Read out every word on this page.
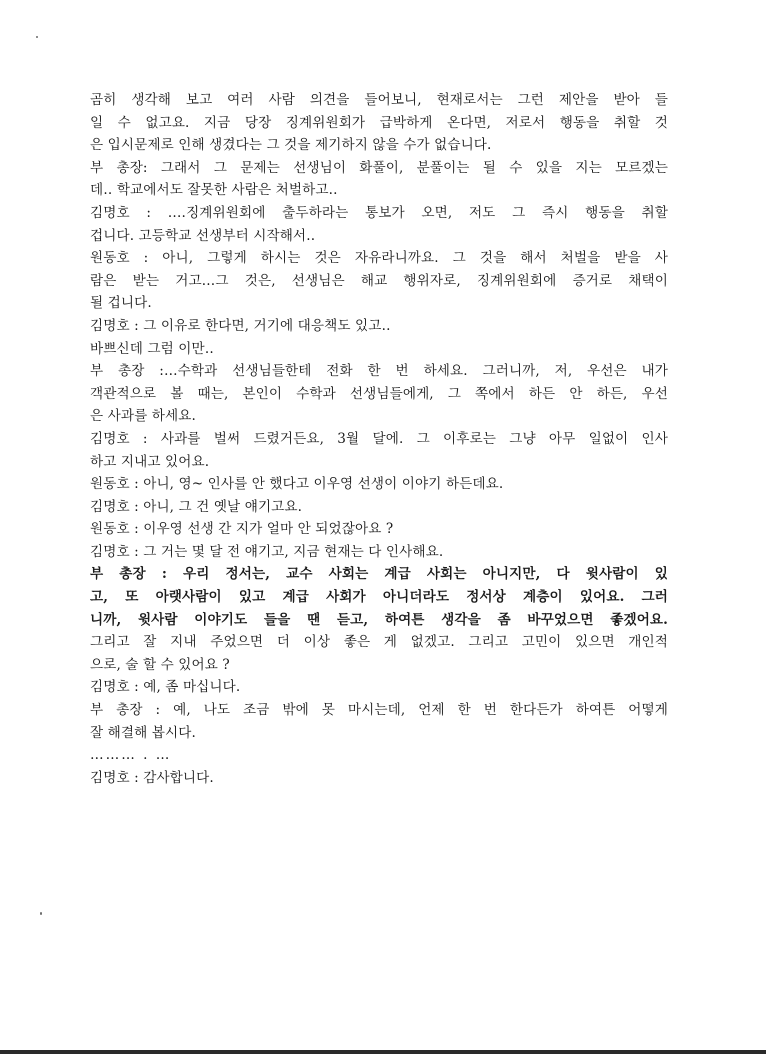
곰히 생각해 보고 여러 사람 의견을 들어보니, 현재로서는 그런 제안을 받아 들
일 수 없고요. 지금 당장 징계위원회가 급박하게 온다면, 저로서 행동을 취할 것
은 입시문제로 인해 생겼다는 그 것을 제기하지 않을 수가 없습니다.
부 총장: 그래서 그 문제는 선생님이 화풀이, 분풀이는 될 수 있을 지는 모르겠는
데‥ 학교에서도 잘못한 사람은 처벌하고‥
김명호 : ‥‥징계위원회에 출두하라는 통보가 오면, 저도 그 즉시 행동을 취할
겁니다. 고등학교 선생부터 시작해서‥
원동호 : 아니, 그렇게 하시는 것은 자유라니까요. 그 것을 해서 처벌을 받을 사
람은 받는 거고…그 것은, 선생님은 해교 행위자로, 징계위원회에 증거로 채택이
될 겁니다.
김명호 : 그 이유로 한다면, 거기에 대응책도 있고‥
바쁘신데 그럼 이만‥
부 총장 :…수학과 선생님들한테 전화 한 번 하세요. 그러니까, 저, 우선은 내가
객관적으로 볼 때는, 본인이 수학과 선생님들에게, 그 쪽에서 하든 안 하든, 우선
은 사과를 하세요.
김명호 : 사과를 벌써 드렸거든요, 3월 달에. 그 이후로는 그냥 아무 일없이 인사
하고 지내고 있어요.
원동호 : 아니, 영~ 인사를 안 했다고 이우영 선생이 이야기 하든데요.
김명호 : 아니, 그 건 옛날 얘기고요.
원동호 : 이우영 선생 간 지가 얼마 안 되었잖아요 ?
김명호 : 그 거는 몇 달 전 얘기고, 지금 현재는 다 인사해요.
부 총장 : 우리 정서는, 교수 사회는 계급 사회는 아니지만, 다 윗사람이 있
고, 또 아랫사람이 있고 계급 사회가 아니더라도 정서상 계층이 있어요. 그러
니까, 윗사람 이야기도 들을 땐 듣고, 하여튼 생각을 좀 바꾸었으면 좋겠어요.
그리고 잘 지내 주었으면 더 이상 좋은 게 없겠고. 그리고 고민이 있으면 개인적
으로, 술 할 수 있어요 ?
김명호 : 예, 좀 마십니다.
부 총장 : 예, 나도 조금 밖에 못 마시는데, 언제 한 번 한다든가 하여튼 어떻게
잘 해결해 봅시다.
……… . …
김명호 : 감사합니다.
